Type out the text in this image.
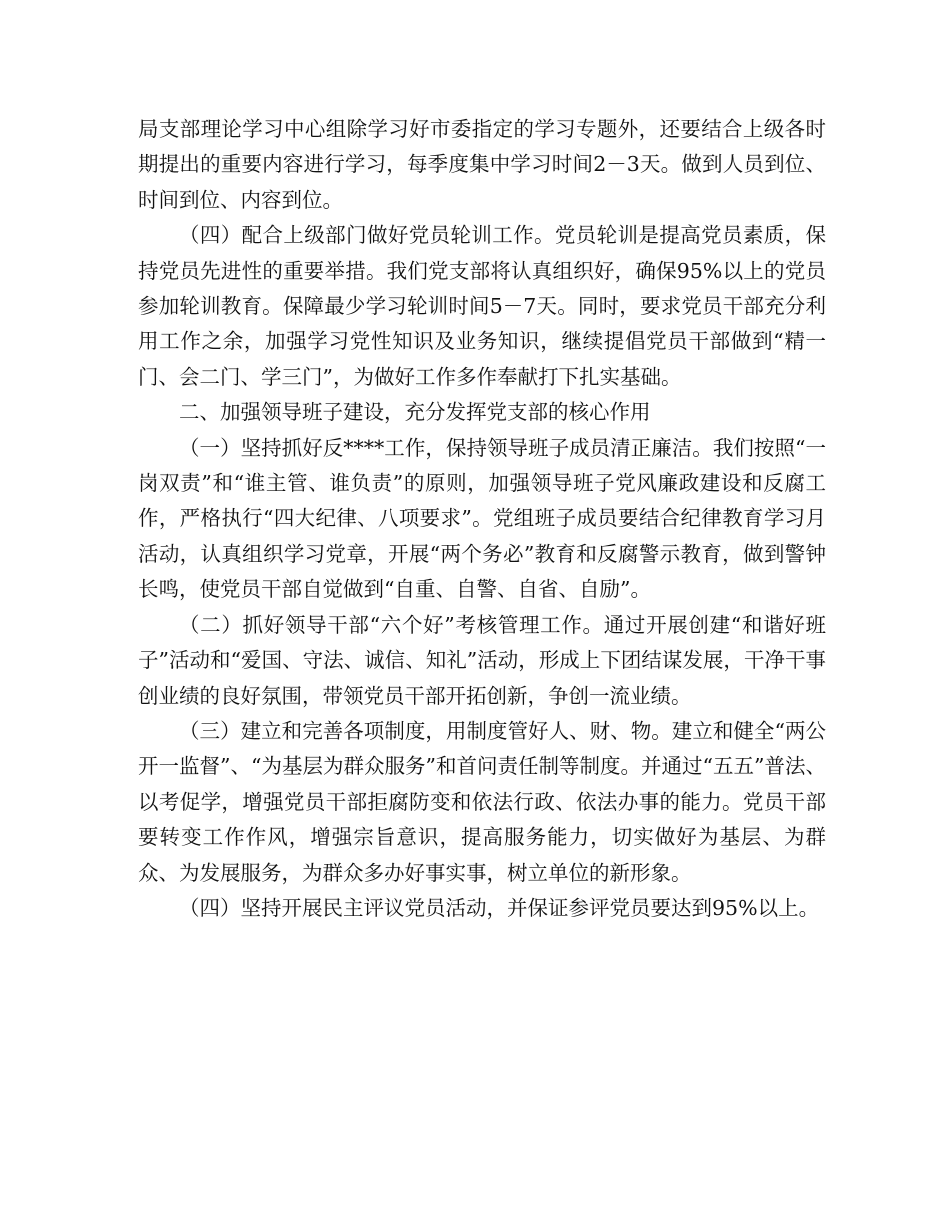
局支部理论学习中心组除学习好市委指定的学习专题外，还要结合上级各时期提出的重要内容进行学习，每季度集中学习时间2－3天。做到人员到位、时间到位、内容到位。

（四）配合上级部门做好党员轮训工作。党员轮训是提高党员素质，保持党员先进性的重要举措。我们党支部将认真组织好，确保95%以上的党员参加轮训教育。保障最少学习轮训时间5－7天。同时，要求党员干部充分利用工作之余，加强学习党性知识及业务知识，继续提倡党员干部做到“精一门、会二门、学三门”，为做好工作多作奉献打下扎实基础。

二、加强领导班子建设，充分发挥党支部的核心作用

（一）坚持抓好反****工作，保持领导班子成员清正廉洁。我们按照“一岗双责”和“谁主管、谁负责”的原则，加强领导班子党风廉政建设和反腐工作，严格执行“四大纪律、八项要求”。党组班子成员要结合纪律教育学习月活动，认真组织学习党章，开展“两个务必”教育和反腐警示教育，做到警钟长鸣，使党员干部自觉做到“自重、自警、自省、自励”。

（二）抓好领导干部“六个好”考核管理工作。通过开展创建“和谐好班子”活动和“爱国、守法、诚信、知礼”活动，形成上下团结谋发展，干净干事创业绩的良好氛围，带领党员干部开拓创新，争创一流业绩。

（三）建立和完善各项制度，用制度管好人、财、物。建立和健全“两公开一监督”、“为基层为群众服务”和首问责任制等制度。并通过“五五”普法、以考促学，增强党员干部拒腐防变和依法行政、依法办事的能力。党员干部要转变工作作风，增强宗旨意识，提高服务能力，切实做好为基层、为群众、为发展服务，为群众多办好事实事，树立单位的新形象。

（四）坚持开展民主评议党员活动，并保证参评党员要达到95%以上。
